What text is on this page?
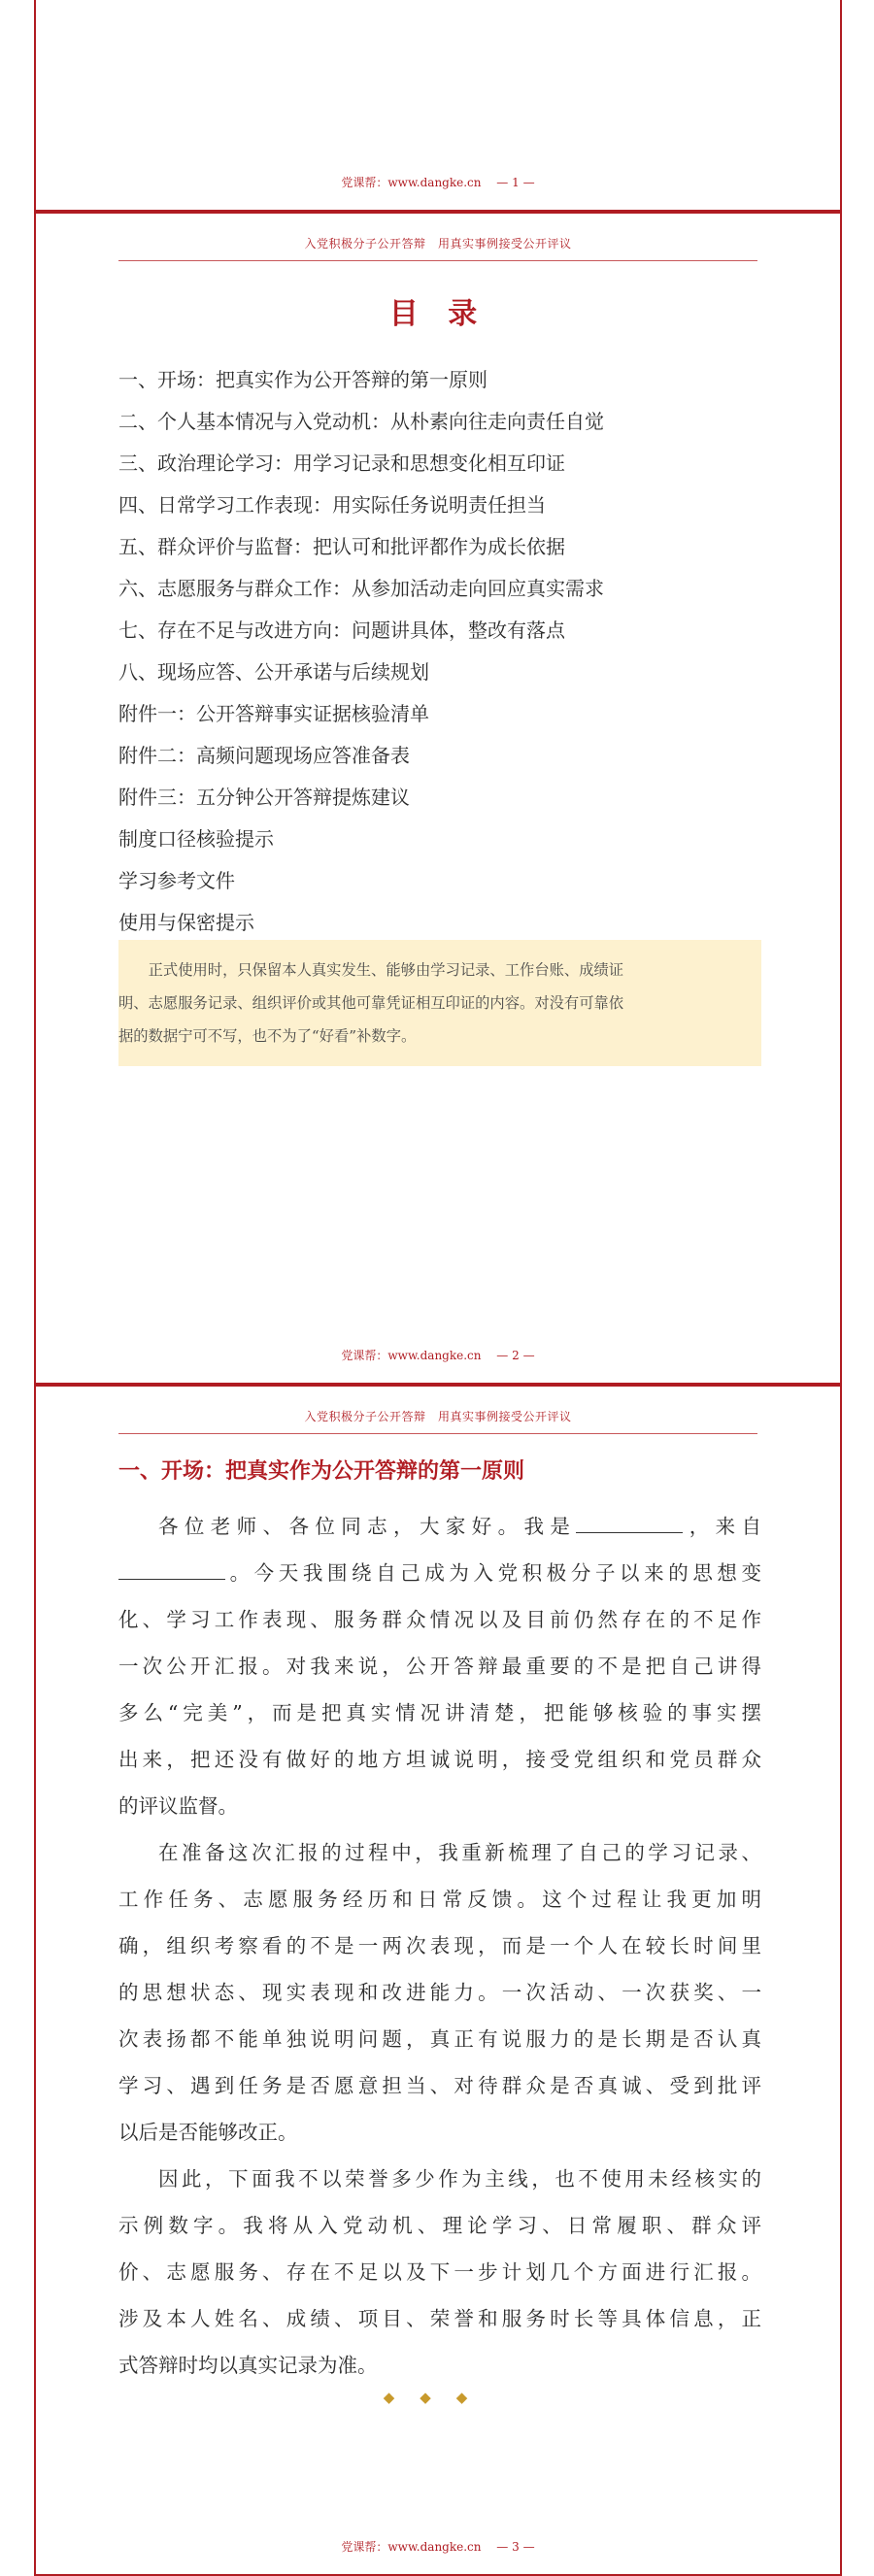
党课帮：www.dangke.cn　 — 1 —
入党积极分子公开答辩　用真实事例接受公开评议
目 录
一、开场：把真实作为公开答辩的第一原则
二、个人基本情况与入党动机：从朴素向往走向责任自觉
三、政治理论学习：用学习记录和思想变化相互印证
四、日常学习工作表现：用实际任务说明责任担当
五、群众评价与监督：把认可和批评都作为成长依据
六、志愿服务与群众工作：从参加活动走向回应真实需求
七、存在不足与改进方向：问题讲具体，整改有落点
八、现场应答、公开承诺与后续规划
附件一：公开答辩事实证据核验清单
附件二：高频问题现场应答准备表
附件三：五分钟公开答辩提炼建议
制度口径核验提示
学习参考文件
使用与保密提示

正式使用时，只保留本人真实发生、能够由学习记录、工作台账、成绩证

明、志愿服务记录、组织评价或其他可靠凭证相互印证的内容。对没有可靠依

据的数据宁可不写，也不为了“好看”补数字。

党课帮：www.dangke.cn　 — 2 —
入党积极分子公开答辩　用真实事例接受公开评议
一、开场：把真实作为公开答辩的第一原则
各位老师、各位同志，大家好。我是	，来自
。今天我围绕自己成为入党积极分子以来的思想变
化、学习工作表现、服务群众情况以及目前仍然存在的不足作
一次公开汇报。对我来说，公开答辩最重要的不是把自己讲得
多么“完美”，而是把真实情况讲清楚，把能够核验的事实摆
出来，把还没有做好的地方坦诚说明，接受党组织和党员群众
的评议监督。
在准备这次汇报的过程中，我重新梳理了自己的学习记录、
工作任务、志愿服务经历和日常反馈。这个过程让我更加明
确，组织考察看的不是一两次表现，而是一个人在较长时间里
的思想状态、现实表现和改进能力。一次活动、一次获奖、一
次表扬都不能单独说明问题，真正有说服力的是长期是否认真
学习、遇到任务是否愿意担当、对待群众是否真诚、受到批评
以后是否能够改正。
因此，下面我不以荣誉多少作为主线，也不使用未经核实的
示例数字。我将从入党动机、理论学习、日常履职、群众评
价、志愿服务、存在不足以及下一步计划几个方面进行汇报。
涉及本人姓名、成绩、项目、荣誉和服务时长等具体信息，正
式答辩时均以真实记录为准。
◆◆◆
党课帮：www.dangke.cn　 — 3 —
